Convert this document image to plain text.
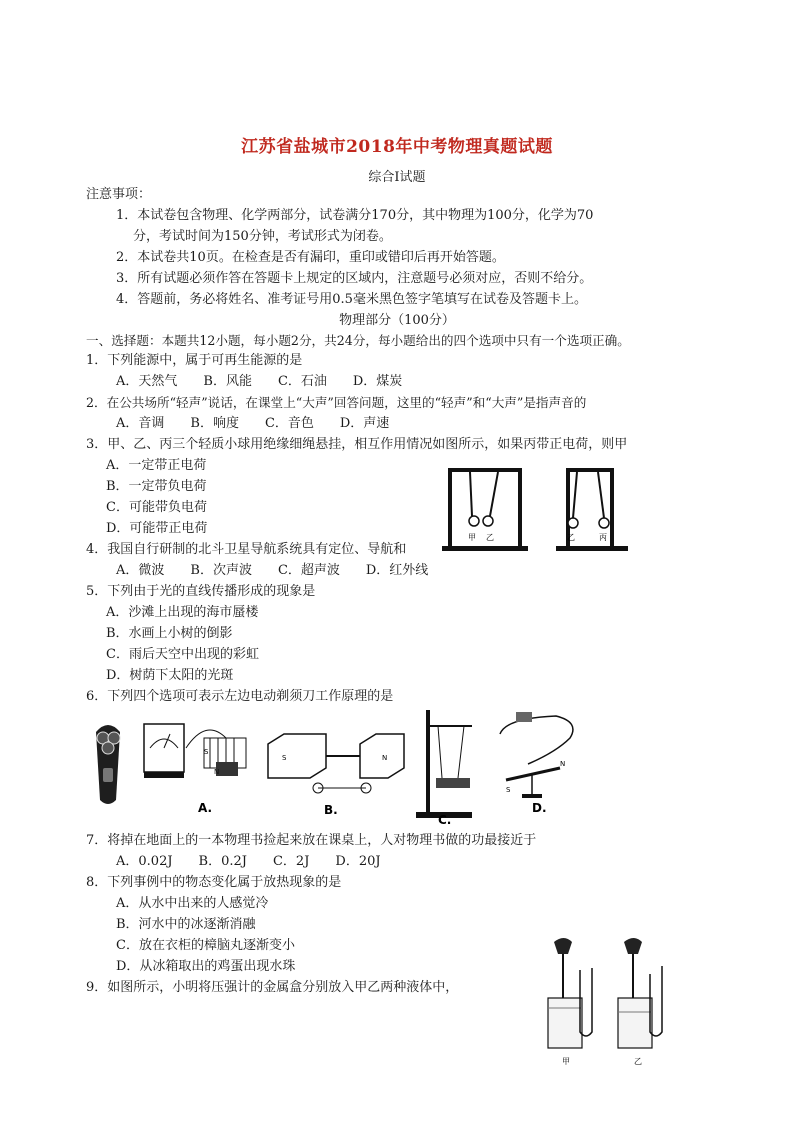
江苏省盐城市2018年中考物理真题试题
综合Ⅰ试题
注意事项：
1．本试卷包含物理、化学两部分，试卷满分170分，其中物理为100分，化学为70
分，考试时间为150分钟，考试形式为闭卷。
2．本试卷共10页。在检查是否有漏印，重印或错印后再开始答题。
3．所有试题必须作答在答题卡上规定的区域内，注意题号必须对应，否则不给分。
4．答题前，务必将姓名、准考证号用0.5毫米黑色签字笔填写在试卷及答题卡上。
物理部分（100分）
一、选择题：本题共12小题，每小题2分，共24分，每小题给出的四个选项中只有一个选项正确。
1．下列能源中，属于可再生能源的是
A．天然气　　B．风能　　C．石油　　D．煤炭
2．在公共场所“轻声”说话，在课堂上“大声”回答问题，这里的“轻声”和“大声”是指声音的
A．音调　　B．响度　　C．音色　　D．声速
3．甲、乙、丙三个轻质小球用绝缘细绳悬挂，相互作用情况如图所示，如果丙带正电荷，则甲
A．一定带正电荷
B．一定带负电荷
C．可能带负电荷
D．可能带正电荷
甲 乙	乙	丙
4．我国自行研制的北斗卫星导航系统具有定位、导航和
A．微波　　B．次声波　　C．超声波　　D．红外线
5．下列由于光的直线传播形成的现象是
A．沙滩上出现的海市蜃楼
B．水画上小树的倒影
C．雨后天空中出现的彩虹
D．树荫下太阳的光斑
6．下列四个选项可表示左边电动剃须刀工作原理的是
S
N
A.
S	N
B.
C.
S
N
D.
7．将掉在地面上的一本物理书捡起来放在课桌上，人对物理书做的功最接近于
A．0.02J　　B．0.2J　　C．2J　　D．20J
8．下列事例中的物态变化属于放热现象的是
A．从水中出来的人感觉冷
B．河水中的冰逐渐消融
C．放在衣柜的樟脑丸逐渐变小
D．从冰箱取出的鸡蛋出现水珠
9．如图所示，小明将压强计的金属盒分别放入甲乙两种液体中，
甲	乙
